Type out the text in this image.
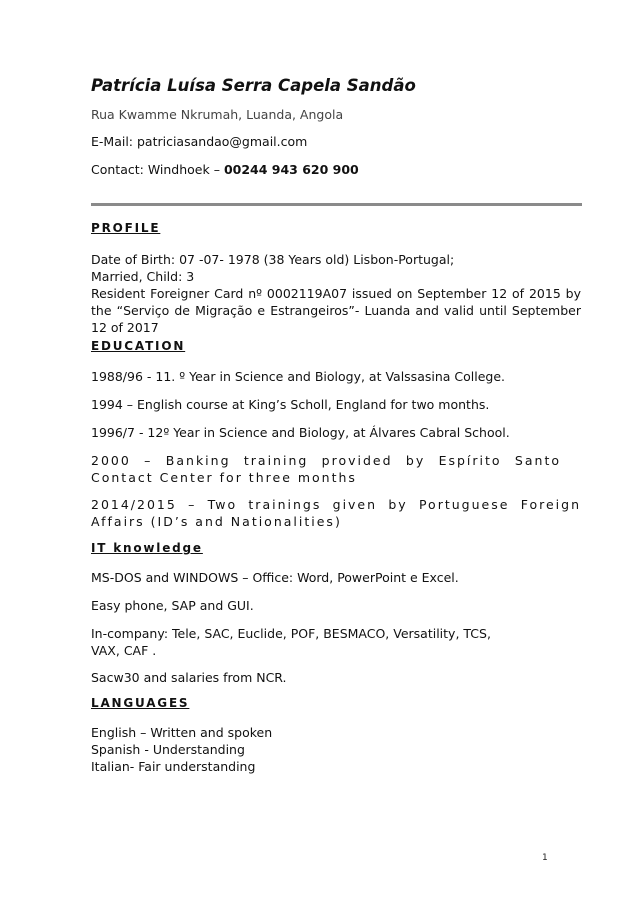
Patrícia Luísa Serra Capela Sandão
Rua Kwamme Nkrumah, Luanda, Angola
E-Mail: patriciasandao@gmail.com
Contact: Windhoek – 00244 943 620 900
PROFILE
Date of Birth: 07 -07- 1978 (38 Years old) Lisbon-Portugal;
Married, Child: 3
Resident Foreigner Card nº 0002119A07 issued on September 12 of 2015 by the “Serviço de Migração e Estrangeiros”- Luanda and valid until September 12 of 2017
EDUCATION
1988/96 - 11. º Year in Science and Biology, at Valssasina College.
1994 – English course at King’s Scholl, England for two months.
1996/7 - 12º Year in Science and Biology, at Álvares Cabral School.
2000 – Banking training provided by Espírito Santo Contact Center for three months
2014/2015 – Two trainings given by Portuguese Foreign Affairs (ID’s and Nationalities)
IT knowledge
MS-DOS and WINDOWS – Office: Word, PowerPoint e Excel.
Easy phone, SAP and GUI.
In-company: Tele, SAC, Euclide, POF, BESMACO, Versatility, TCS,
VAX, CAF .
Sacw30 and salaries from NCR.
LANGUAGES
English – Written and spoken
Spanish - Understanding
Italian- Fair understanding
1
